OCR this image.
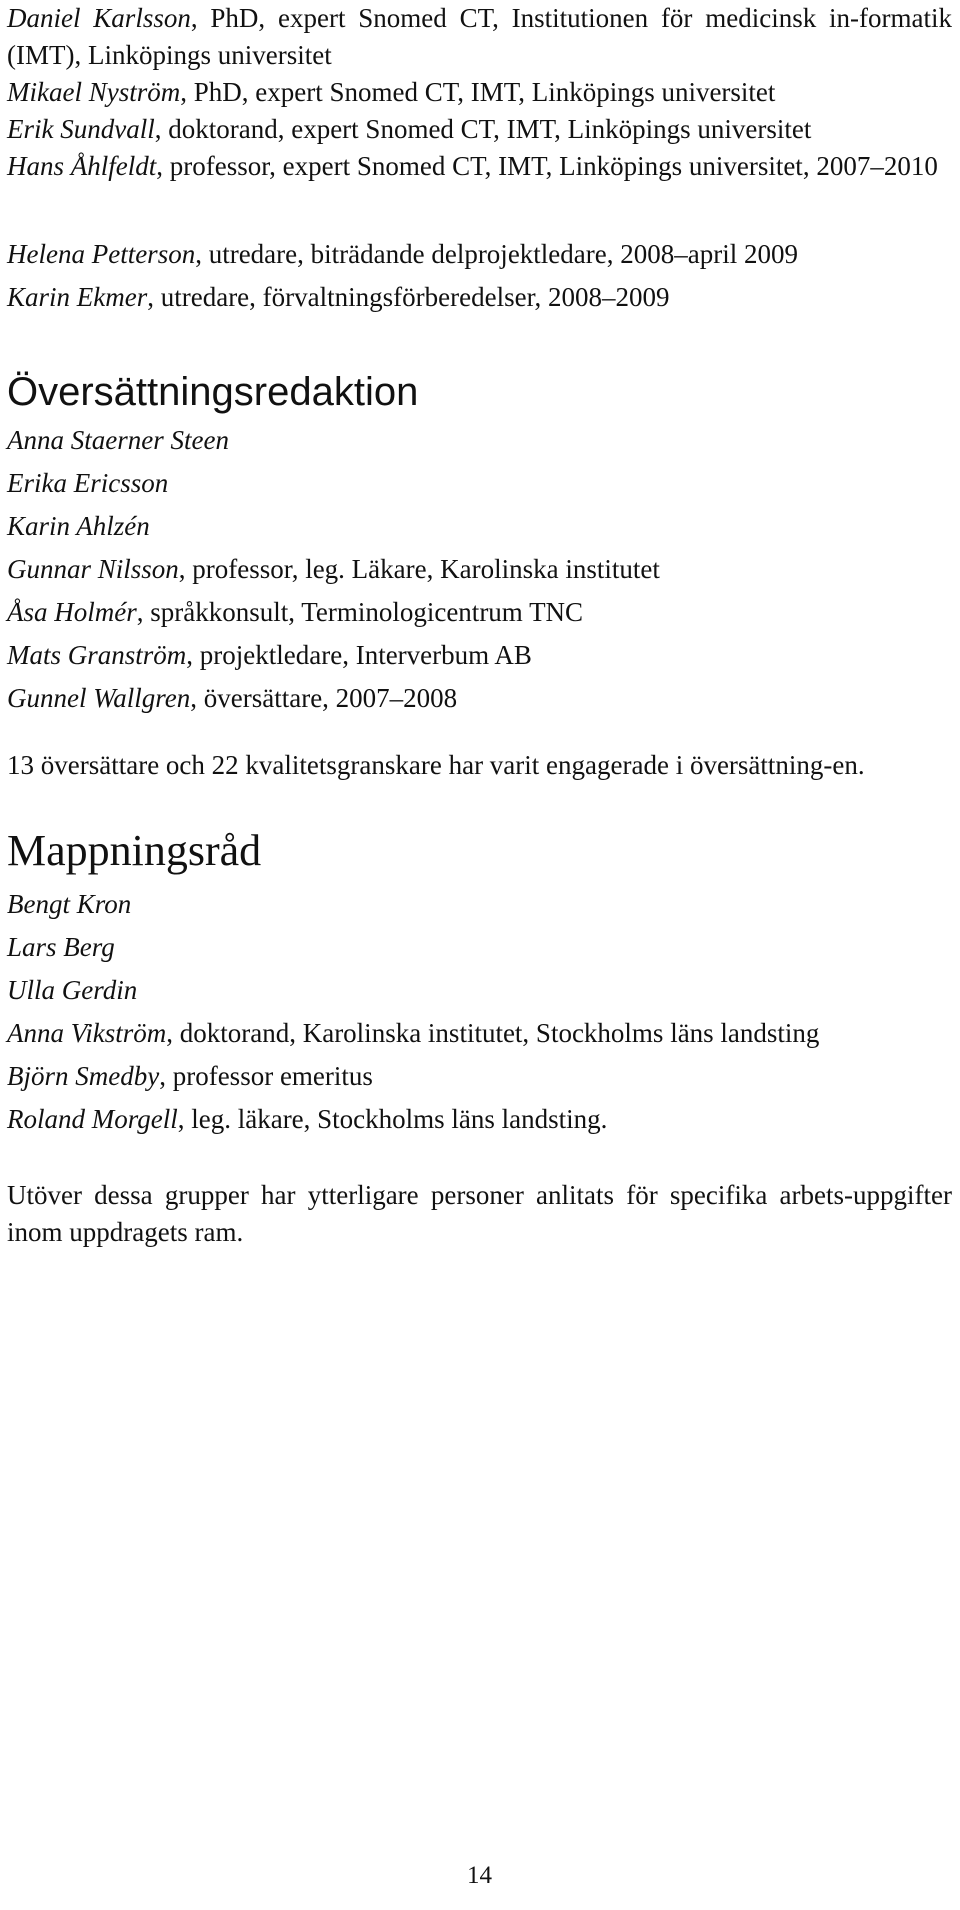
Daniel Karlsson, PhD, expert Snomed CT, Institutionen för medicinsk in-formatik (IMT), Linköpings universitet

Mikael Nyström, PhD, expert Snomed CT, IMT, Linköpings universitet

Erik Sundvall, doktorand, expert Snomed CT, IMT, Linköpings universitet

Hans Åhlfeldt, professor, expert Snomed CT, IMT, Linköpings universitet, 2007–2010

Helena Petterson, utredare, biträdande delprojektledare, 2008–april 2009

Karin Ekmer, utredare, förvaltningsförberedelser, 2008–2009

Översättningsredaktion

Anna Staerner Steen

Erika Ericsson

Karin Ahlzén

Gunnar Nilsson, professor, leg. Läkare, Karolinska institutet

Åsa Holmér, språkkonsult, Terminologicentrum TNC

Mats Granström, projektledare, Interverbum AB

Gunnel Wallgren, översättare, 2007–2008

13 översättare och 22 kvalitetsgranskare har varit engagerade i översättning-en.

Mappningsråd

Bengt Kron

Lars Berg

Ulla Gerdin

Anna Vikström, doktorand, Karolinska institutet, Stockholms läns landsting

Björn Smedby, professor emeritus

Roland Morgell, leg. läkare, Stockholms läns landsting.

Utöver dessa grupper har ytterligare personer anlitats för specifika arbets-uppgifter inom uppdragets ram.

14
